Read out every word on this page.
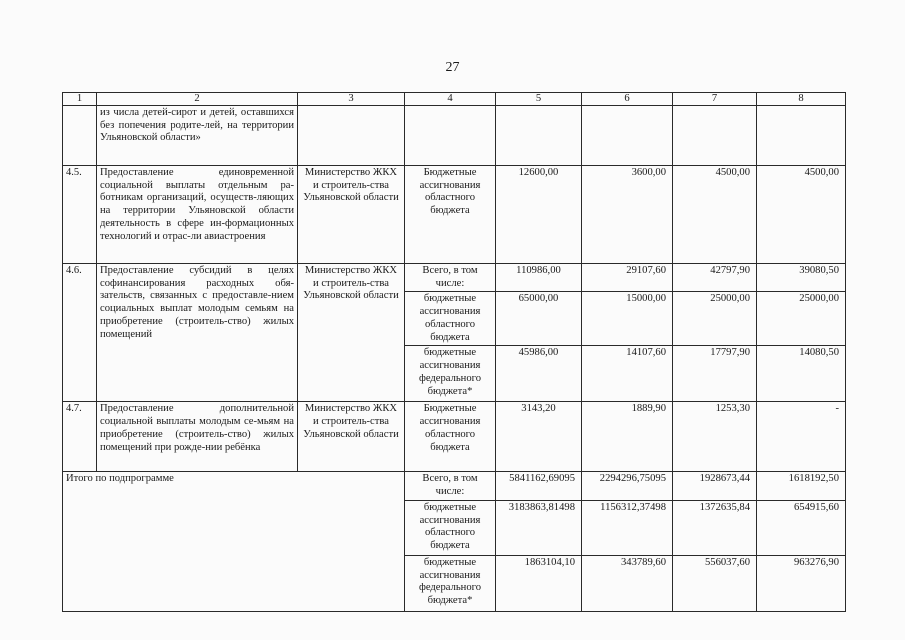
27
1	2	3	4	5	6	7	8
	из числа детей-сирот и детей, оставшихся без попечения родите-лей, на территории Ульяновской области»						
4.5.	Предоставление единовременной социальной выплаты отдельным ра-ботникам организаций, осуществ-ляющих на территории Ульяновской области деятельность в сфере ин-формационных технологий и отрас-ли авиастроения	Министерство ЖКХ и строитель-ства Ульяновской области	Бюджетные ассигнования областного бюджета	12600,00	3600,00	4500,00	4500,00
4.6.	Предоставление субсидий в целях софинансирования расходных обя-зательств, связанных с предоставле-нием социальных выплат молодым семьям на приобретение (строитель-ство) жилых помещений	Министерство ЖКХ и строитель-ства Ульяновской области	Всего, в том числе:	110986,00	29107,60	42797,90	39080,50
			бюджетные ассигнования областного бюджета	65000,00	15000,00	25000,00	25000,00
			бюджетные ассигнования федерального бюджета*	45986,00	14107,60	17797,90	14080,50
4.7.	Предоставление дополнительной социальной выплаты молодым се-мьям на приобретение (строитель-ство) жилых помещений при рожде-нии ребёнка	Министерство ЖКХ и строитель-ства Ульяновской области	Бюджетные ассигнования областного бюджета	3143,20	1889,90	1253,30	-
Итого по подпрограмме			Всего, в том числе:	5841162,69095	2294296,75095	1928673,44	1618192,50
			бюджетные ассигнования областного бюджета	3183863,81498	1156312,37498	1372635,84	654915,60
			бюджетные ассигнования федерального бюджета*	1863104,10	343789,60	556037,60	963276,90
